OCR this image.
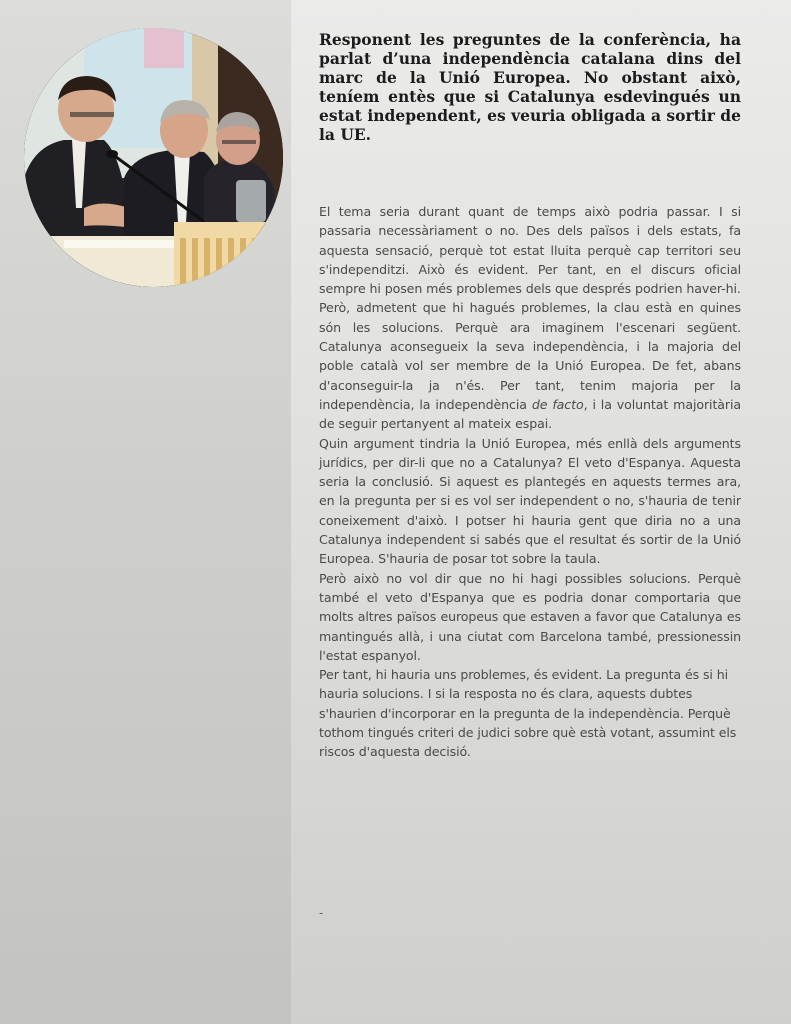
Responent les preguntes de la conferència, ha parlat d’una independència catalana dins del marc de la Unió Europea. No obstant això, teníem entès que si Catalunya esdevingués un estat independent, es veuria obligada a sortir de la UE.

El tema seria durant quant de temps això podria passar. I si passaria necessàriament o no. Des dels països i dels estats, fa aquesta sensació, perquè tot estat lluita perquè cap territori seu s'independitzi. Això és evident. Per tant, en el discurs oficial sempre hi posen més problemes dels que després podrien haver-hi.

Però, admetent que hi hagués problemes, la clau està en quines són les solucions. Perquè ara imaginem l'escenari següent. Catalunya aconsegueix la seva independència, i la majoria del poble català vol ser membre de la Unió Europea. De fet, abans d'aconseguir-la ja n'és. Per tant, tenim majoria per la independència, la independència de facto, i la voluntat majoritària de seguir pertanyent al mateix espai.

Quin argument tindria la Unió Europea, més enllà dels arguments jurídics, per dir-li que no a Catalunya? El veto d'Espanya. Aquesta seria la conclusió. Si aquest es plantegés en aquests termes ara, en la pregunta per si es vol ser independent o no, s'hauria de tenir coneixement d'això. I potser hi hauria gent que diria no a una Catalunya independent si sabés que el resultat és sortir de la Unió Europea. S'hauria de posar tot sobre la taula.

Però això no vol dir que no hi hagi possibles solucions. Perquè també el veto d'Espanya que es podria donar comportaria que molts altres països europeus que estaven a favor que Catalunya es mantingués allà, i una ciutat com Barcelona també, pressionessin l'estat espanyol.

Per tant, hi hauria uns problemes, és evident. La pregunta és si hi hauria solucions. I si la resposta no és clara, aquests dubtes s'haurien d'incorporar en la pregunta de la independència. Perquè tothom tingués criteri de judici sobre què està votant, assumint els riscos d'aquesta decisió.

-
